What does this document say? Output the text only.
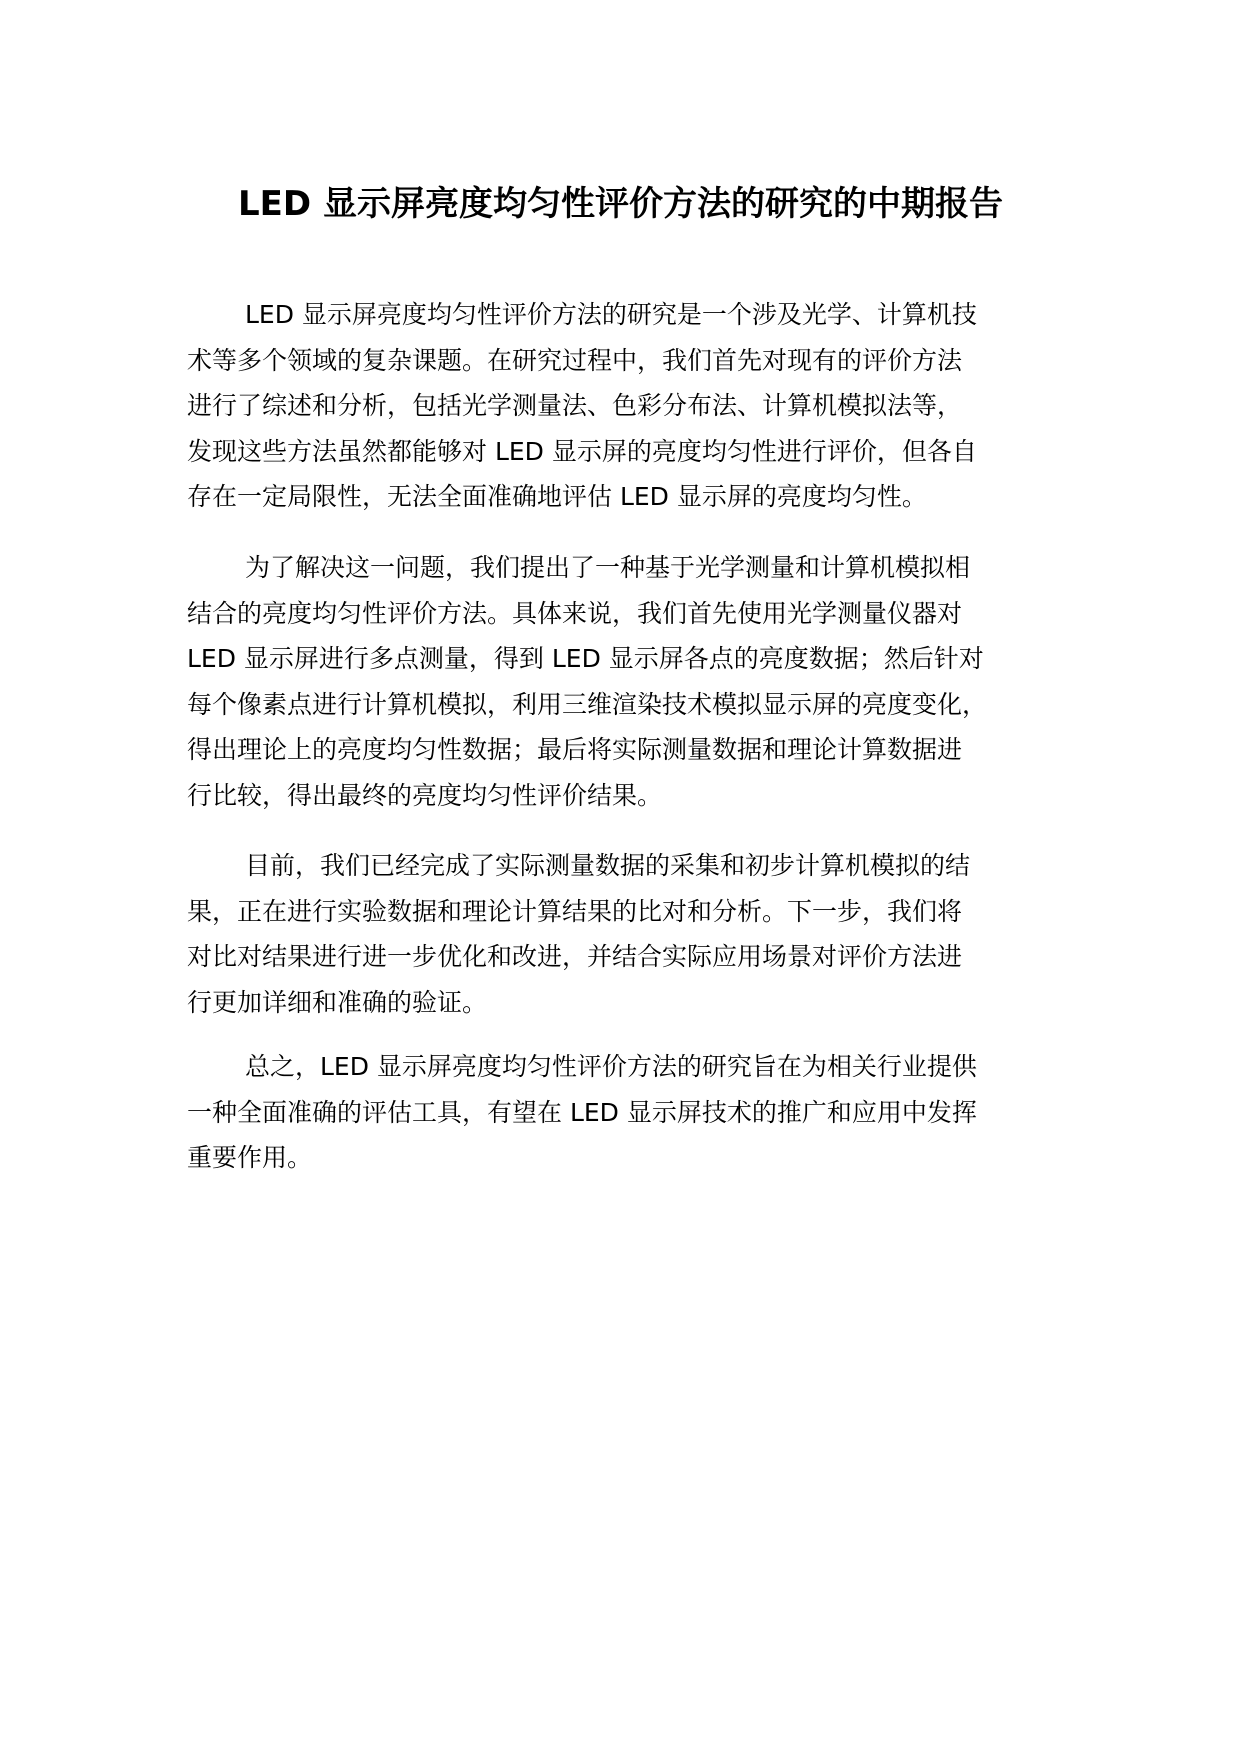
LED 显示屏亮度均匀性评价方法的研究的中期报告
LED 显示屏亮度均匀性评价方法的研究是一个涉及光学、计算机技
术等多个领域的复杂课题。在研究过程中，我们首先对现有的评价方法
进行了综述和分析，包括光学测量法、色彩分布法、计算机模拟法等，
发现这些方法虽然都能够对 LED 显示屏的亮度均匀性进行评价，但各自
存在一定局限性，无法全面准确地评估 LED 显示屏的亮度均匀性。
为了解决这一问题，我们提出了一种基于光学测量和计算机模拟相
结合的亮度均匀性评价方法。具体来说，我们首先使用光学测量仪器对
LED 显示屏进行多点测量，得到 LED 显示屏各点的亮度数据；然后针对
每个像素点进行计算机模拟，利用三维渲染技术模拟显示屏的亮度变化，
得出理论上的亮度均匀性数据；最后将实际测量数据和理论计算数据进
行比较，得出最终的亮度均匀性评价结果。
目前，我们已经完成了实际测量数据的采集和初步计算机模拟的结
果，正在进行实验数据和理论计算结果的比对和分析。下一步，我们将
对比对结果进行进一步优化和改进，并结合实际应用场景对评价方法进
行更加详细和准确的验证。
总之，LED 显示屏亮度均匀性评价方法的研究旨在为相关行业提供
一种全面准确的评估工具，有望在 LED 显示屏技术的推广和应用中发挥
重要作用。
